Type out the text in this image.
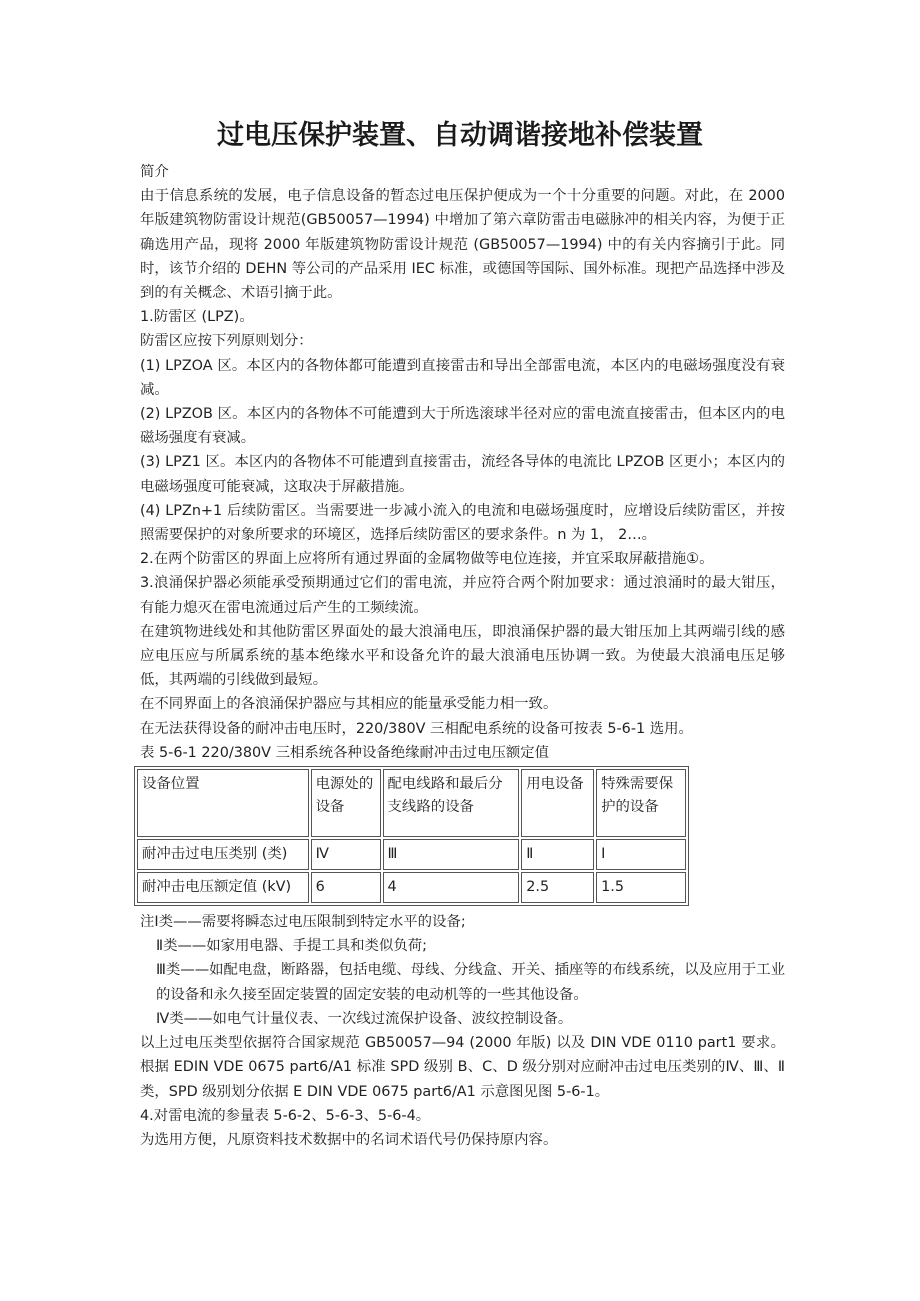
过电压保护装置、自动调谐接地补偿装置

简介

由于信息系统的发展，电子信息设备的暂态过电压保护便成为一个十分重要的问题。对此，在 2000 年版建筑物防雷设计规范(GB50057—1994) 中增加了第六章防雷击电磁脉冲的相关内容，为便于正确选用产品，现将 2000 年版建筑物防雷设计规范 (GB50057—1994) 中的有关内容摘引于此。同时，该节介绍的 DEHN 等公司的产品采用 IEC 标准，或德国等国际、国外标准。现把产品选择中涉及到的有关概念、术语引摘于此。

1.防雷区 (LPZ)。

防雷区应按下列原则划分：

(1) LPZOA 区。本区内的各物体都可能遭到直接雷击和导出全部雷电流，本区内的电磁场强度没有衰减。

(2) LPZOB 区。本区内的各物体不可能遭到大于所选滚球半径对应的雷电流直接雷击，但本区内的电磁场强度有衰减。

(3) LPZ1 区。本区内的各物体不可能遭到直接雷击，流经各导体的电流比 LPZOB 区更小；本区内的电磁场强度可能衰减，这取决于屏蔽措施。

(4) LPZn+1 后续防雷区。当需要进一步减小流入的电流和电磁场强度时，应增设后续防雷区，并按照需要保护的对象所要求的环境区，选择后续防雷区的要求条件。n 为 1， 2…。

2.在两个防雷区的界面上应将所有通过界面的金属物做等电位连接，并宜采取屏蔽措施①。

3.浪涌保护器必须能承受预期通过它们的雷电流，并应符合两个附加要求：通过浪涌时的最大钳压，有能力熄灭在雷电流通过后产生的工频续流。

在建筑物进线处和其他防雷区界面处的最大浪涌电压，即浪涌保护器的最大钳压加上其两端引线的感应电压应与所属系统的基本绝缘水平和设备允许的最大浪涌电压协调一致。为使最大浪涌电压足够低，其两端的引线做到最短。

在不同界面上的各浪涌保护器应与其相应的能量承受能力相一致。

在无法获得设备的耐冲击电压时，220/380V 三相配电系统的设备可按表 5-6-1 选用。

表 5-6-1 220/380V 三相系统各种设备绝缘耐冲击过电压额定值

设备位置	电源处的设备	配电线路和最后分支线路的设备	用电设备	特殊需要保护的设备
耐冲击过电压类别 (类)	Ⅳ	Ⅲ	Ⅱ	Ⅰ
耐冲击电压额定值 (kV)	6	4	2.5	1.5

注Ⅰ类——需要将瞬态过电压限制到特定水平的设备;

Ⅱ类——如家用电器、手提工具和类似负荷;

Ⅲ类——如配电盘，断路器，包括电缆、母线、分线盒、开关、插座等的布线系统，以及应用于工业的设备和永久接至固定装置的固定安装的电动机等的一些其他设备。

Ⅳ类——如电气计量仪表、一次线过流保护设备、波纹控制设备。

以上过电压类型依据符合国家规范 GB50057—94 (2000 年版) 以及 DIN VDE 0110 part1 要求。根据 EDIN VDE 0675 part6/A1 标准 SPD 级别 B、C、D 级分别对应耐冲击过电压类别的Ⅳ、Ⅲ、Ⅱ类，SPD 级别划分依据 E DIN VDE 0675 part6/A1 示意图见图 5-6-1。

4.对雷电流的参量表 5-6-2、5-6-3、5-6-4。

为选用方便，凡原资料技术数据中的名词术语代号仍保持原内容。
